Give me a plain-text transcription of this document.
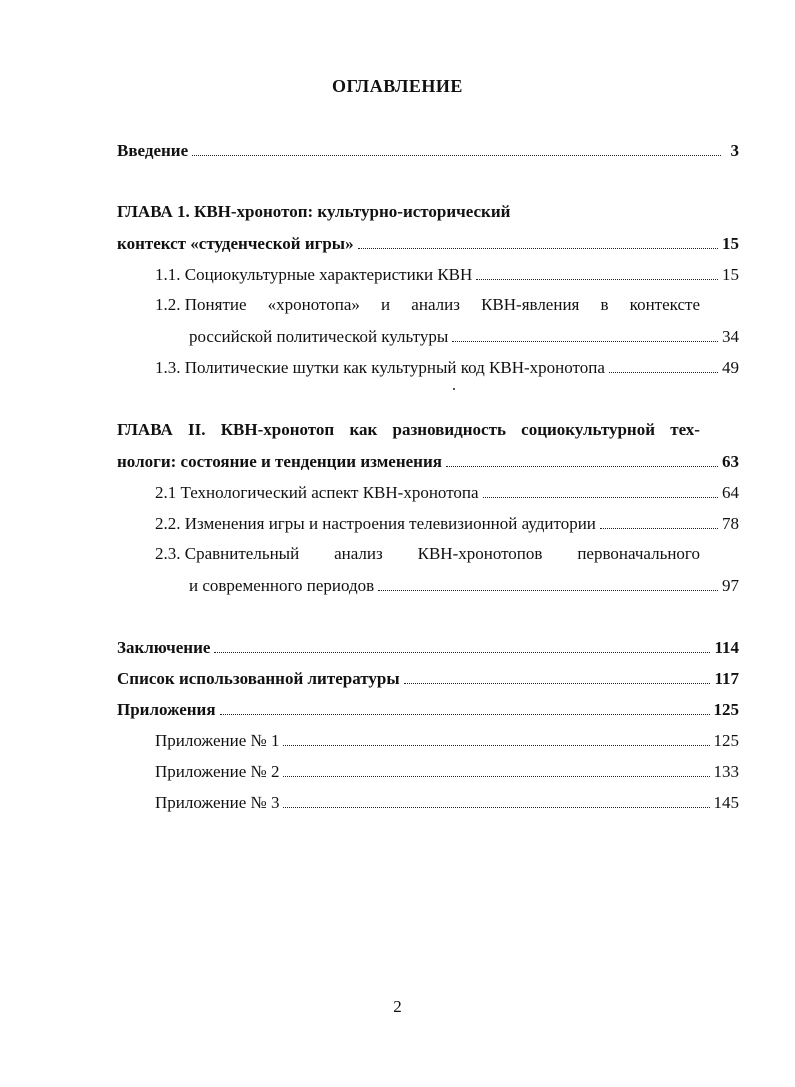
ОГЛАВЛЕНИЕ
Введение	3
ГЛАВА 1. КВН-хронотоп: культурно-исторический
контекст «студенческой игры»	15
1.1. Социокультурные характеристики КВН	15
1.2. Понятие «хронотопа» и анализ КВН-явления в контексте
российской политической культуры	34
1.3. Политические шутки как культурный код КВН-хронотопа	49
ГЛАВА II. КВН-хронотоп как разновидность социокультурной тех-
нологи: состояние и тенденции изменения	63
2.1 Технологический аспект КВН-хронотопа	64
2.2. Изменения игры и настроения телевизионной аудитории	78
2.3. Сравнительный анализ КВН-хронотопов первоначального
и современного периодов	97
Заключение	114
Список использованной литературы	117
Приложения	125
Приложение № 1	125
Приложение № 2	133
Приложение № 3	145
2
